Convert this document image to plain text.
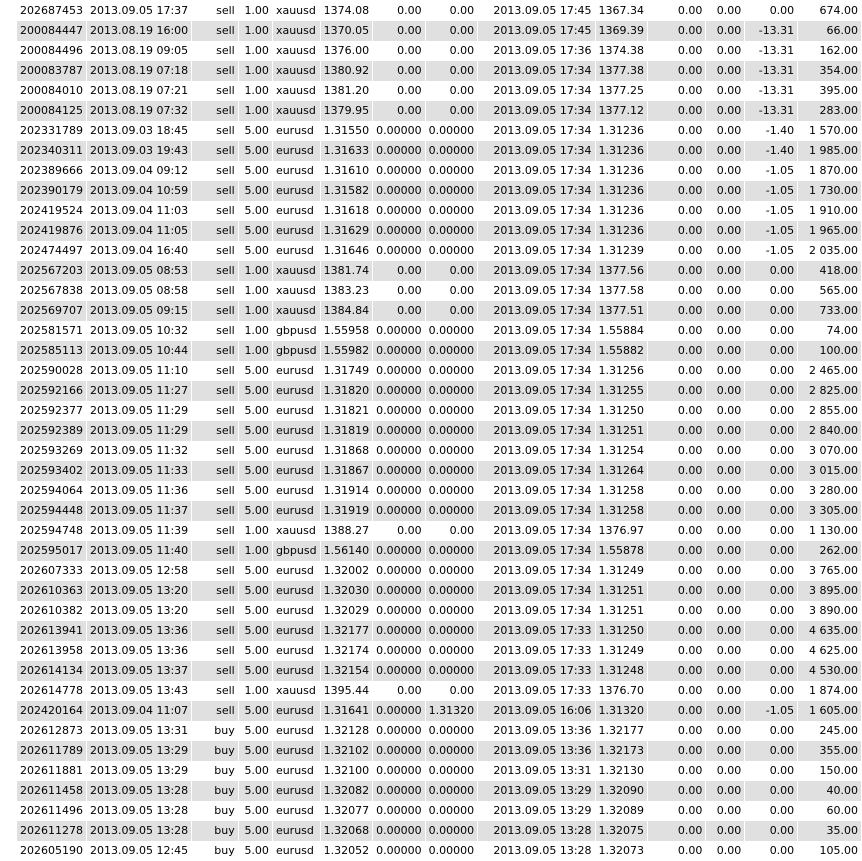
202687453	2013.09.05 17:37	sell	1.00	xauusd	1374.08	0.00	0.00	2013.09.05 17:45	1367.34	0.00	0.00	0.00	674.00
200084447	2013.08.19 16:00	sell	1.00	xauusd	1370.05	0.00	0.00	2013.09.05 17:45	1369.39	0.00	0.00	-13.31	66.00
200084496	2013.08.19 09:05	sell	1.00	xauusd	1376.00	0.00	0.00	2013.09.05 17:36	1374.38	0.00	0.00	-13.31	162.00
200083787	2013.08.19 07:18	sell	1.00	xauusd	1380.92	0.00	0.00	2013.09.05 17:34	1377.38	0.00	0.00	-13.31	354.00
200084010	2013.08.19 07:21	sell	1.00	xauusd	1381.20	0.00	0.00	2013.09.05 17:34	1377.25	0.00	0.00	-13.31	395.00
200084125	2013.08.19 07:32	sell	1.00	xauusd	1379.95	0.00	0.00	2013.09.05 17:34	1377.12	0.00	0.00	-13.31	283.00
202331789	2013.09.03 18:45	sell	5.00	eurusd	1.31550	0.00000	0.00000	2013.09.05 17:34	1.31236	0.00	0.00	-1.40	1 570.00
202340311	2013.09.03 19:43	sell	5.00	eurusd	1.31633	0.00000	0.00000	2013.09.05 17:34	1.31236	0.00	0.00	-1.40	1 985.00
202389666	2013.09.04 09:12	sell	5.00	eurusd	1.31610	0.00000	0.00000	2013.09.05 17:34	1.31236	0.00	0.00	-1.05	1 870.00
202390179	2013.09.04 10:59	sell	5.00	eurusd	1.31582	0.00000	0.00000	2013.09.05 17:34	1.31236	0.00	0.00	-1.05	1 730.00
202419524	2013.09.04 11:03	sell	5.00	eurusd	1.31618	0.00000	0.00000	2013.09.05 17:34	1.31236	0.00	0.00	-1.05	1 910.00
202419876	2013.09.04 11:05	sell	5.00	eurusd	1.31629	0.00000	0.00000	2013.09.05 17:34	1.31236	0.00	0.00	-1.05	1 965.00
202474497	2013.09.04 16:40	sell	5.00	eurusd	1.31646	0.00000	0.00000	2013.09.05 17:34	1.31239	0.00	0.00	-1.05	2 035.00
202567203	2013.09.05 08:53	sell	1.00	xauusd	1381.74	0.00	0.00	2013.09.05 17:34	1377.56	0.00	0.00	0.00	418.00
202567838	2013.09.05 08:58	sell	1.00	xauusd	1383.23	0.00	0.00	2013.09.05 17:34	1377.58	0.00	0.00	0.00	565.00
202569707	2013.09.05 09:15	sell	1.00	xauusd	1384.84	0.00	0.00	2013.09.05 17:34	1377.51	0.00	0.00	0.00	733.00
202581571	2013.09.05 10:32	sell	1.00	gbpusd	1.55958	0.00000	0.00000	2013.09.05 17:34	1.55884	0.00	0.00	0.00	74.00
202585113	2013.09.05 10:44	sell	1.00	gbpusd	1.55982	0.00000	0.00000	2013.09.05 17:34	1.55882	0.00	0.00	0.00	100.00
202590028	2013.09.05 11:10	sell	5.00	eurusd	1.31749	0.00000	0.00000	2013.09.05 17:34	1.31256	0.00	0.00	0.00	2 465.00
202592166	2013.09.05 11:27	sell	5.00	eurusd	1.31820	0.00000	0.00000	2013.09.05 17:34	1.31255	0.00	0.00	0.00	2 825.00
202592377	2013.09.05 11:29	sell	5.00	eurusd	1.31821	0.00000	0.00000	2013.09.05 17:34	1.31250	0.00	0.00	0.00	2 855.00
202592389	2013.09.05 11:29	sell	5.00	eurusd	1.31819	0.00000	0.00000	2013.09.05 17:34	1.31251	0.00	0.00	0.00	2 840.00
202593269	2013.09.05 11:32	sell	5.00	eurusd	1.31868	0.00000	0.00000	2013.09.05 17:34	1.31254	0.00	0.00	0.00	3 070.00
202593402	2013.09.05 11:33	sell	5.00	eurusd	1.31867	0.00000	0.00000	2013.09.05 17:34	1.31264	0.00	0.00	0.00	3 015.00
202594064	2013.09.05 11:36	sell	5.00	eurusd	1.31914	0.00000	0.00000	2013.09.05 17:34	1.31258	0.00	0.00	0.00	3 280.00
202594448	2013.09.05 11:37	sell	5.00	eurusd	1.31919	0.00000	0.00000	2013.09.05 17:34	1.31258	0.00	0.00	0.00	3 305.00
202594748	2013.09.05 11:39	sell	1.00	xauusd	1388.27	0.00	0.00	2013.09.05 17:34	1376.97	0.00	0.00	0.00	1 130.00
202595017	2013.09.05 11:40	sell	1.00	gbpusd	1.56140	0.00000	0.00000	2013.09.05 17:34	1.55878	0.00	0.00	0.00	262.00
202607333	2013.09.05 12:58	sell	5.00	eurusd	1.32002	0.00000	0.00000	2013.09.05 17:34	1.31249	0.00	0.00	0.00	3 765.00
202610363	2013.09.05 13:20	sell	5.00	eurusd	1.32030	0.00000	0.00000	2013.09.05 17:34	1.31251	0.00	0.00	0.00	3 895.00
202610382	2013.09.05 13:20	sell	5.00	eurusd	1.32029	0.00000	0.00000	2013.09.05 17:34	1.31251	0.00	0.00	0.00	3 890.00
202613941	2013.09.05 13:36	sell	5.00	eurusd	1.32177	0.00000	0.00000	2013.09.05 17:33	1.31250	0.00	0.00	0.00	4 635.00
202613958	2013.09.05 13:36	sell	5.00	eurusd	1.32174	0.00000	0.00000	2013.09.05 17:33	1.31249	0.00	0.00	0.00	4 625.00
202614134	2013.09.05 13:37	sell	5.00	eurusd	1.32154	0.00000	0.00000	2013.09.05 17:33	1.31248	0.00	0.00	0.00	4 530.00
202614778	2013.09.05 13:43	sell	1.00	xauusd	1395.44	0.00	0.00	2013.09.05 17:33	1376.70	0.00	0.00	0.00	1 874.00
202420164	2013.09.04 11:07	sell	5.00	eurusd	1.31641	0.00000	1.31320	2013.09.05 16:06	1.31320	0.00	0.00	-1.05	1 605.00
202612873	2013.09.05 13:31	buy	5.00	eurusd	1.32128	0.00000	0.00000	2013.09.05 13:36	1.32177	0.00	0.00	0.00	245.00
202611789	2013.09.05 13:29	buy	5.00	eurusd	1.32102	0.00000	0.00000	2013.09.05 13:36	1.32173	0.00	0.00	0.00	355.00
202611881	2013.09.05 13:29	buy	5.00	eurusd	1.32100	0.00000	0.00000	2013.09.05 13:31	1.32130	0.00	0.00	0.00	150.00
202611458	2013.09.05 13:28	buy	5.00	eurusd	1.32082	0.00000	0.00000	2013.09.05 13:29	1.32090	0.00	0.00	0.00	40.00
202611496	2013.09.05 13:28	buy	5.00	eurusd	1.32077	0.00000	0.00000	2013.09.05 13:29	1.32089	0.00	0.00	0.00	60.00
202611278	2013.09.05 13:28	buy	5.00	eurusd	1.32068	0.00000	0.00000	2013.09.05 13:28	1.32075	0.00	0.00	0.00	35.00
202605190	2013.09.05 12:45	buy	5.00	eurusd	1.32052	0.00000	0.00000	2013.09.05 13:28	1.32073	0.00	0.00	0.00	105.00
